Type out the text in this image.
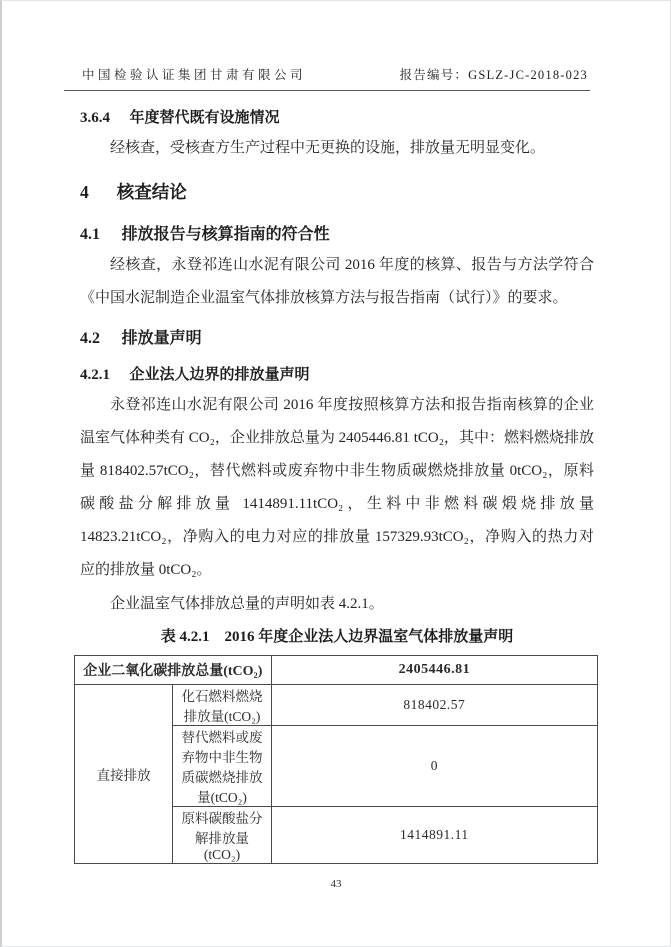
中国检验认证集团甘肃有限公司	报告编号：GSLZ-JC-2018-023
3.6.4 年度替代既有设施情况

经核查，受核查方生产过程中无更换的设施，排放量无明显变化。

4 核查结论
4.1 排放报告与核算指南的符合性

经核查，永登祁连山水泥有限公司 2016 年度的核算、报告与方法学符合《中国水泥制造企业温室气体排放核算方法与报告指南（试行）》的要求。

4.2 排放量声明
4.2.1 企业法人边界的排放量声明

永登祁连山水泥有限公司 2016 年度按照核算方法和报告指南核算的企业温室气体种类有 CO₂，企业排放总量为 2405446.81 tCO₂，其中：燃料燃烧排放量 818402.57tCO₂，替代燃料或废弃物中非生物质碳燃烧排放量 0tCO₂，原料碳酸盐分解排放量 1414891.11tCO₂，生料中非燃料碳煅烧排放量 14823.21tCO₂，净购入的电力对应的排放量 157329.93tCO₂，净购入的热力对应的排放量 0tCO₂。

企业温室气体排放总量的声明如表 4.2.1。

表 4.2.1　2016 年度企业法人边界温室气体排放量声明
企业二氧化碳排放总量(tCO₂)		2405446.81
直接排放	化石燃料燃烧排放量(tCO₂)	818402.57
	替代燃料或废弃物中非生物质碳燃烧排放量(tCO₂)	0
	原料碳酸盐分解排放量(tCO₂)	1414891.11
43
